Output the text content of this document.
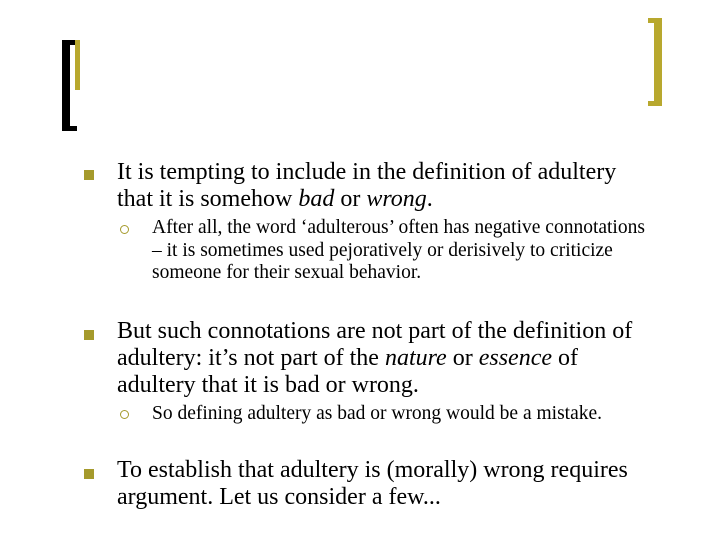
It is tempting to include in the definition of adultery that it is somehow bad or wrong.

After all, the word ‘adulterous’ often has negative connotations – it is sometimes used pejoratively or derisively to criticize someone for their sexual behavior.

But such connotations are not part of the definition of adultery: it’s not part of the nature or essence of adultery that it is bad or wrong.

So defining adultery as bad or wrong would be a mistake.

To establish that adultery is (morally) wrong requires argument. Let us consider a few...
